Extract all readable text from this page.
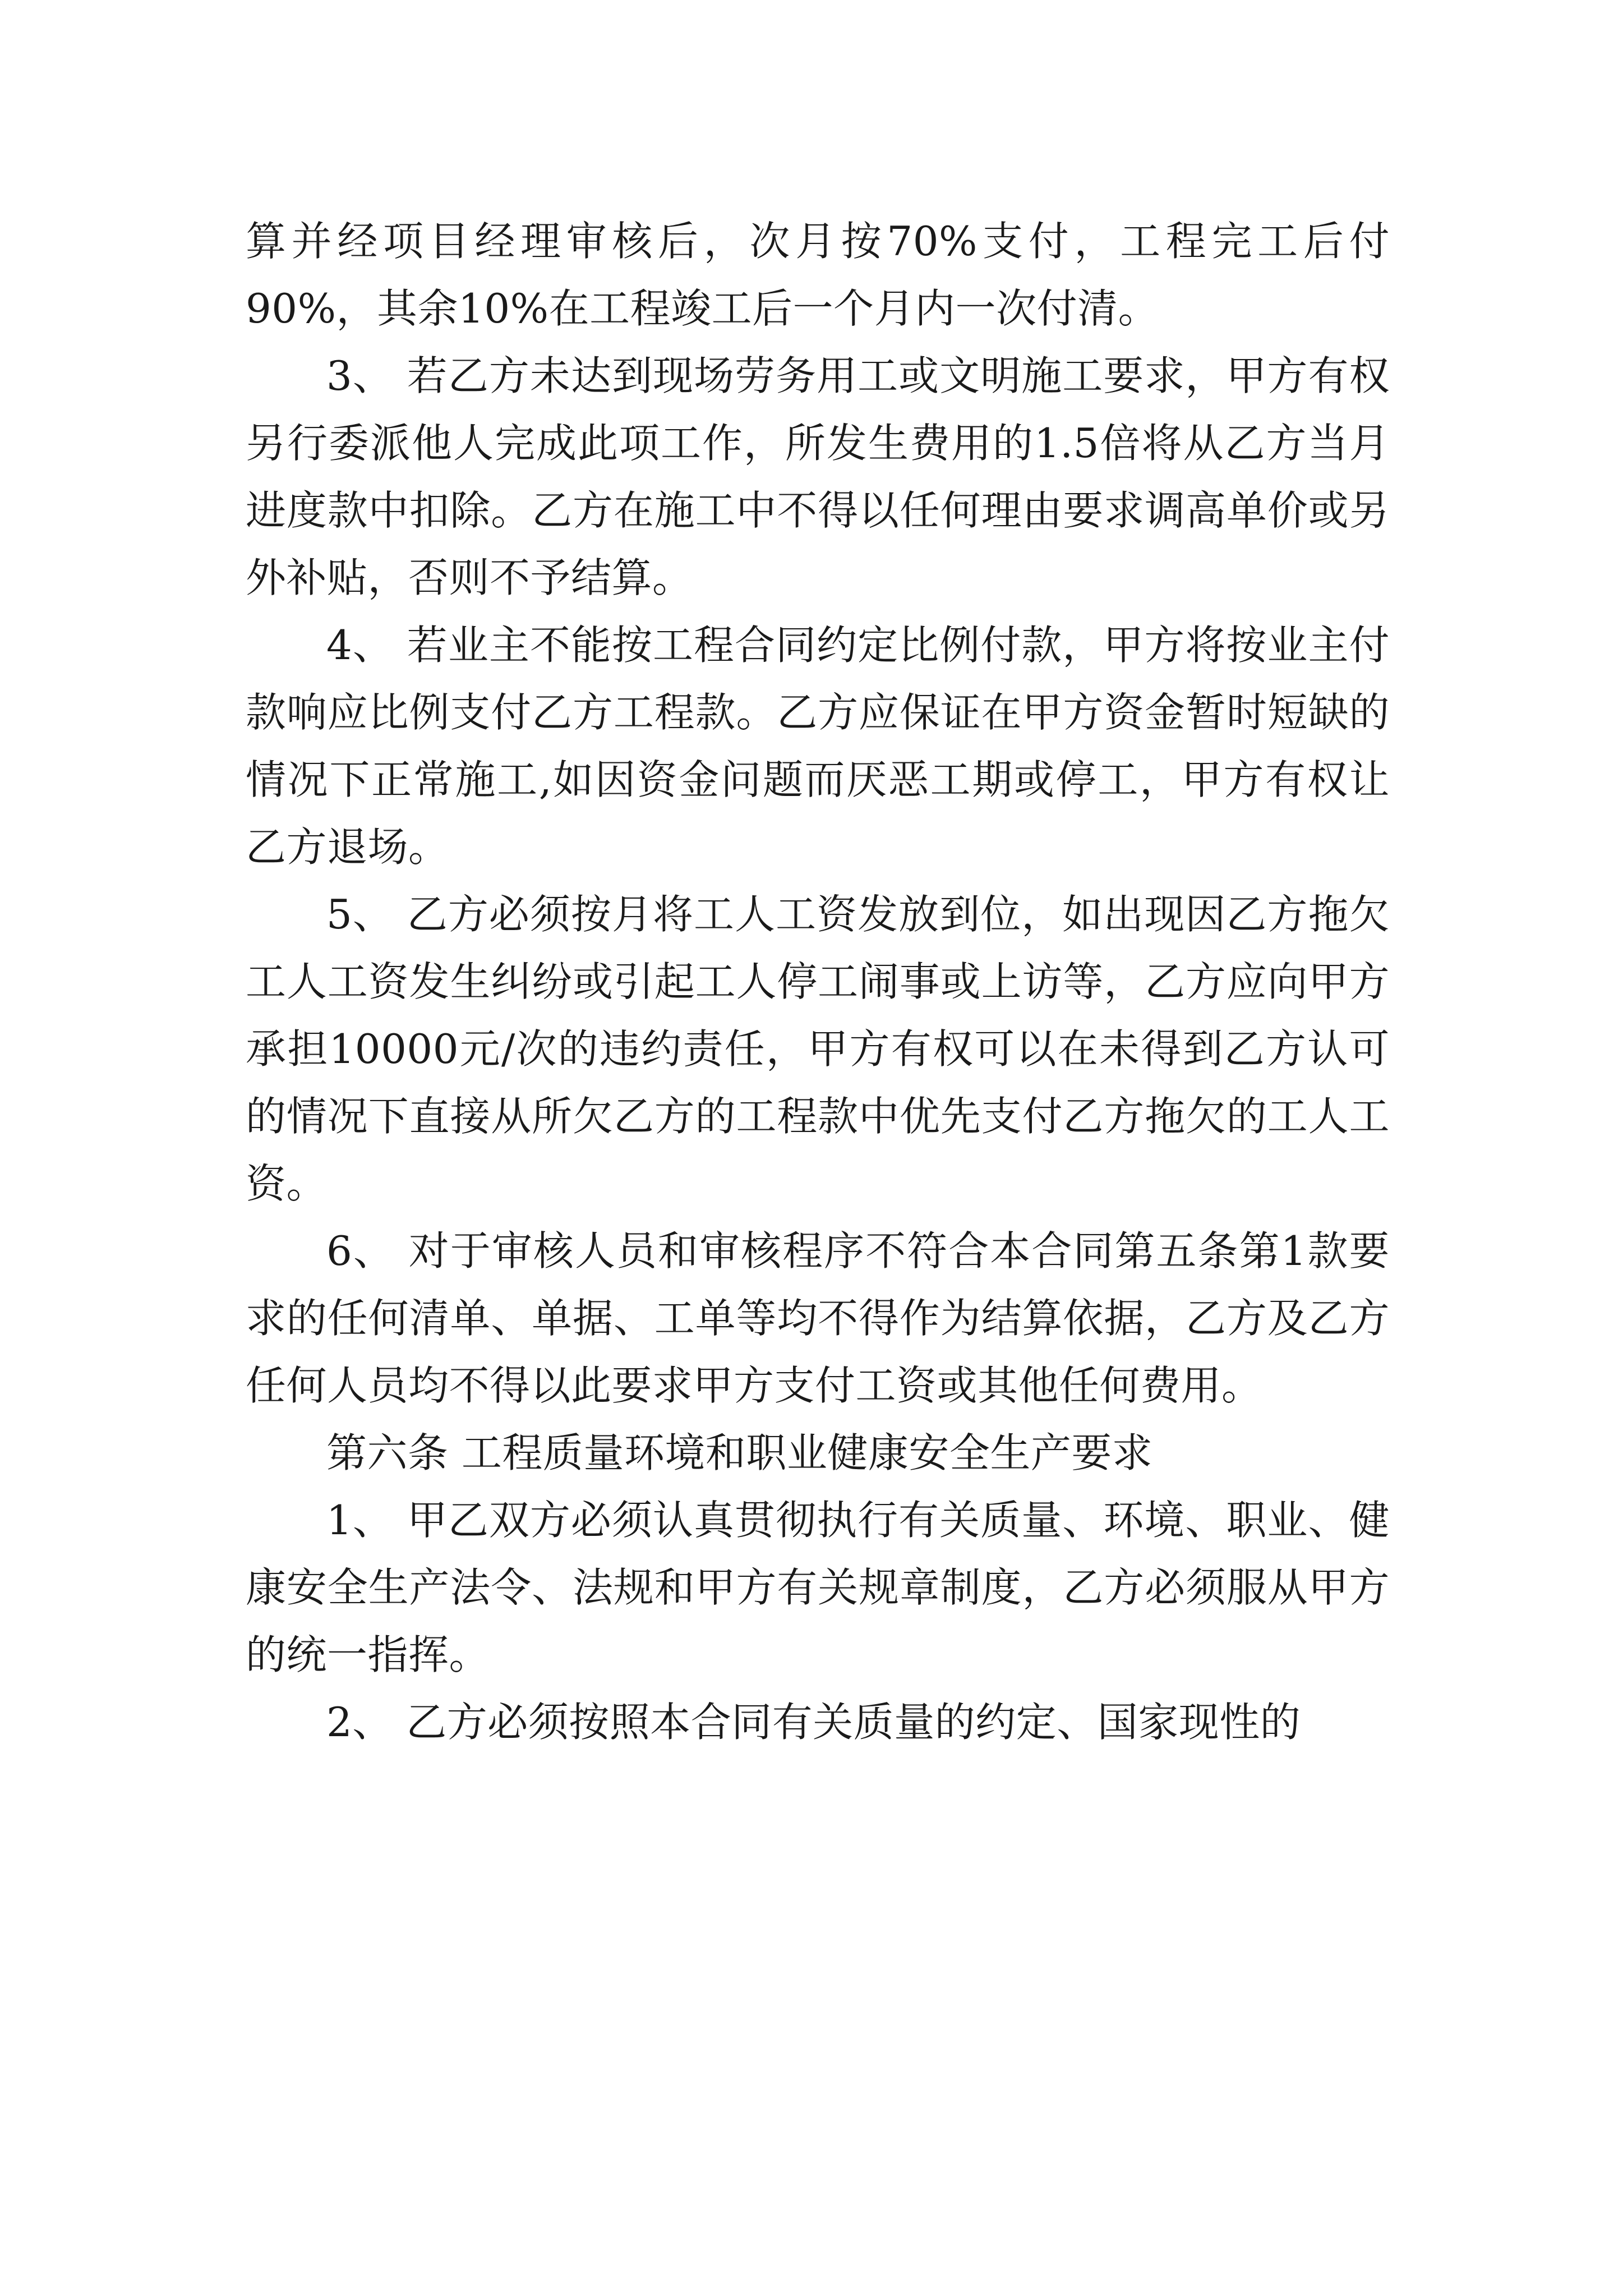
算并经项目经理审核后，次月按70%支付，工程完工后付90%，其余10%在工程竣工后一个月内一次付清。

3、 若乙方未达到现场劳务用工或文明施工要求，甲方有权另行委派他人完成此项工作，所发生费用的1.5倍将从乙方当月进度款中扣除。乙方在施工中不得以任何理由要求调高单价或另外补贴，否则不予结算。

4、 若业主不能按工程合同约定比例付款，甲方将按业主付款响应比例支付乙方工程款。乙方应保证在甲方资金暂时短缺的情况下正常施工,如因资金问题而厌恶工期或停工，甲方有权让乙方退场。

5、 乙方必须按月将工人工资发放到位，如出现因乙方拖欠工人工资发生纠纷或引起工人停工闹事或上访等，乙方应向甲方承担10000元/次的违约责任，甲方有权可以在未得到乙方认可的情况下直接从所欠乙方的工程款中优先支付乙方拖欠的工人工资。

6、 对于审核人员和审核程序不符合本合同第五条第1款要求的任何清单、单据、工单等均不得作为结算依据，乙方及乙方任何人员均不得以此要求甲方支付工资或其他任何费用。

第六条 工程质量环境和职业健康安全生产要求

1、 甲乙双方必须认真贯彻执行有关质量、环境、职业、健康安全生产法令、法规和甲方有关规章制度，乙方必须服从甲方的统一指挥。

2、 乙方必须按照本合同有关质量的约定、国家现性的
